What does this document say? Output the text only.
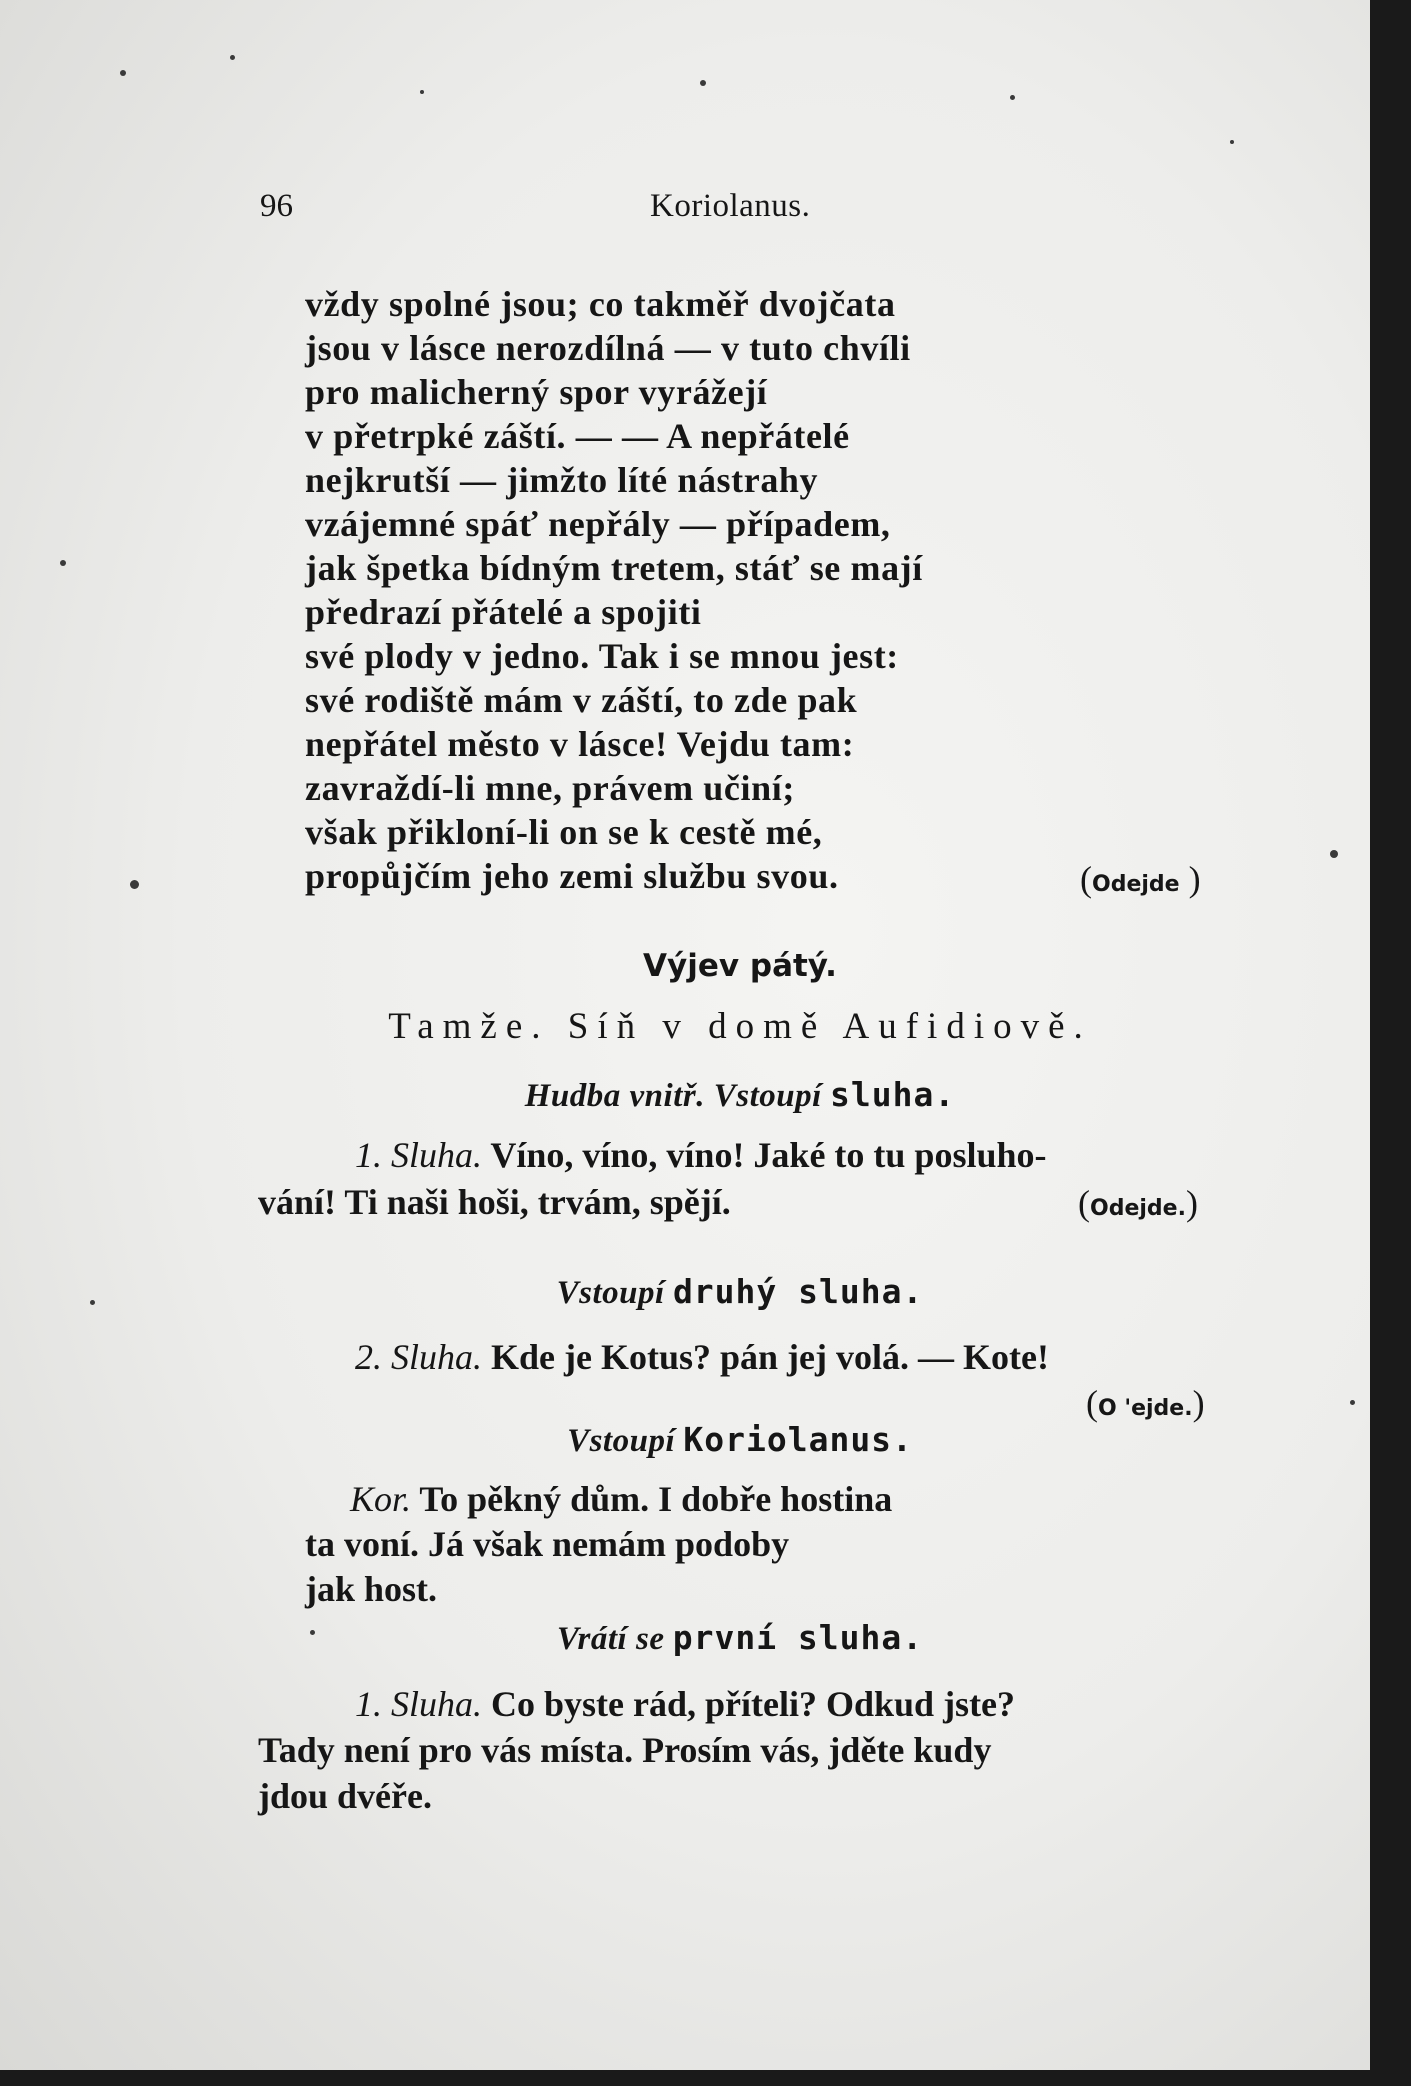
96	Koriolanus.
vždy spolné jsou; co takměř dvojčata
jsou v lásce nerozdílná — v tuto chvíli
pro malicherný spor vyrážejí
v přetrpké záští. — — A nepřátelé
nejkrutší — jimžto líté nástrahy
vzájemné spáť nepřály — případem,
jak špetka bídným tretem, stáť se mají
předrazí přátelé a spojiti
své plody v jedno. Tak i se mnou jest:
své rodiště mám v záští, to zde pak
nepřátel město v lásce! Vejdu tam:
zavraždí-li mne, právem učiní;
však přikloní-li on se k cestě mé,
propůjčím jeho zemi službu svou.	(Odejde )
Výjev pátý.
Tamže. Síň v domě Aufidiově.
Hudba vnitř. Vstoupí sluha.
1. Sluha. Víno, víno, víno! Jaké to tu posluho-
vání! Ti naši hoši, trvám, spějí.	(Odejde.)
Vstoupí druhý sluha.
2. Sluha. Kde je Kotus? pán jej volá. — Kote!
(O 'ejde.)
Vstoupí Koriolanus.
Kor. To pěkný dům. I dobře hostina
ta voní. Já však nemám podoby
jak host.
Vrátí se první sluha.
1. Sluha. Co byste rád, příteli? Odkud jste?
Tady není pro vás místa. Prosím vás, jděte kudy
jdou dvéře.
